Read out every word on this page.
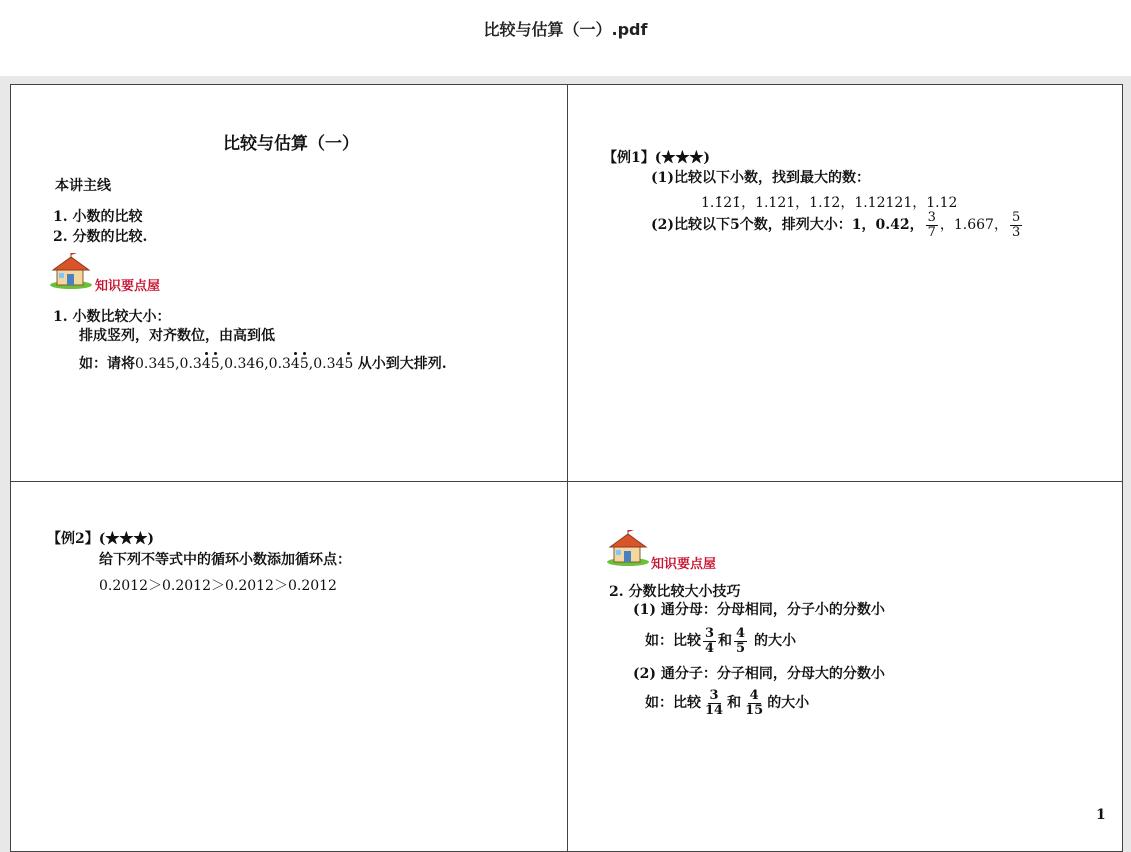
比较与估算（一）.pdf
比较与估算（一）
本讲主线
1. 小数的比较
2. 分数的比较.
知识要点屋
1. 小数比较大小：
排成竖列，对齐数位，由高到低
如：请将0.345,0.345,0.346,0.345,0.345 从小到大排列.
【例1】(★★★)
(1)比较以下小数，找到最大的数：
1.1̇21̇，1.121，1.1̇2̇，1.12121，1.12
(2)比较以下5个数，排列大小：1，0.4̇2̇， $\frac{3}{7}$ ，1.667， $\frac{5}{3}$
【例2】(★★★)
给下列不等式中的循环小数添加循环点：
0.2012＞0.2012＞0.2012＞0.2012
知识要点屋
2. 分数比较大小技巧
(1) 通分母：分母相同，分子小的分数小
如：比较 $\frac{3}{4}$ 和 $\frac{4}{5}$ 的大小
(2) 通分子：分子相同，分母大的分数小
如：比较 $\frac{3}{14}$ 和 $\frac{4}{15}$ 的大小
1
